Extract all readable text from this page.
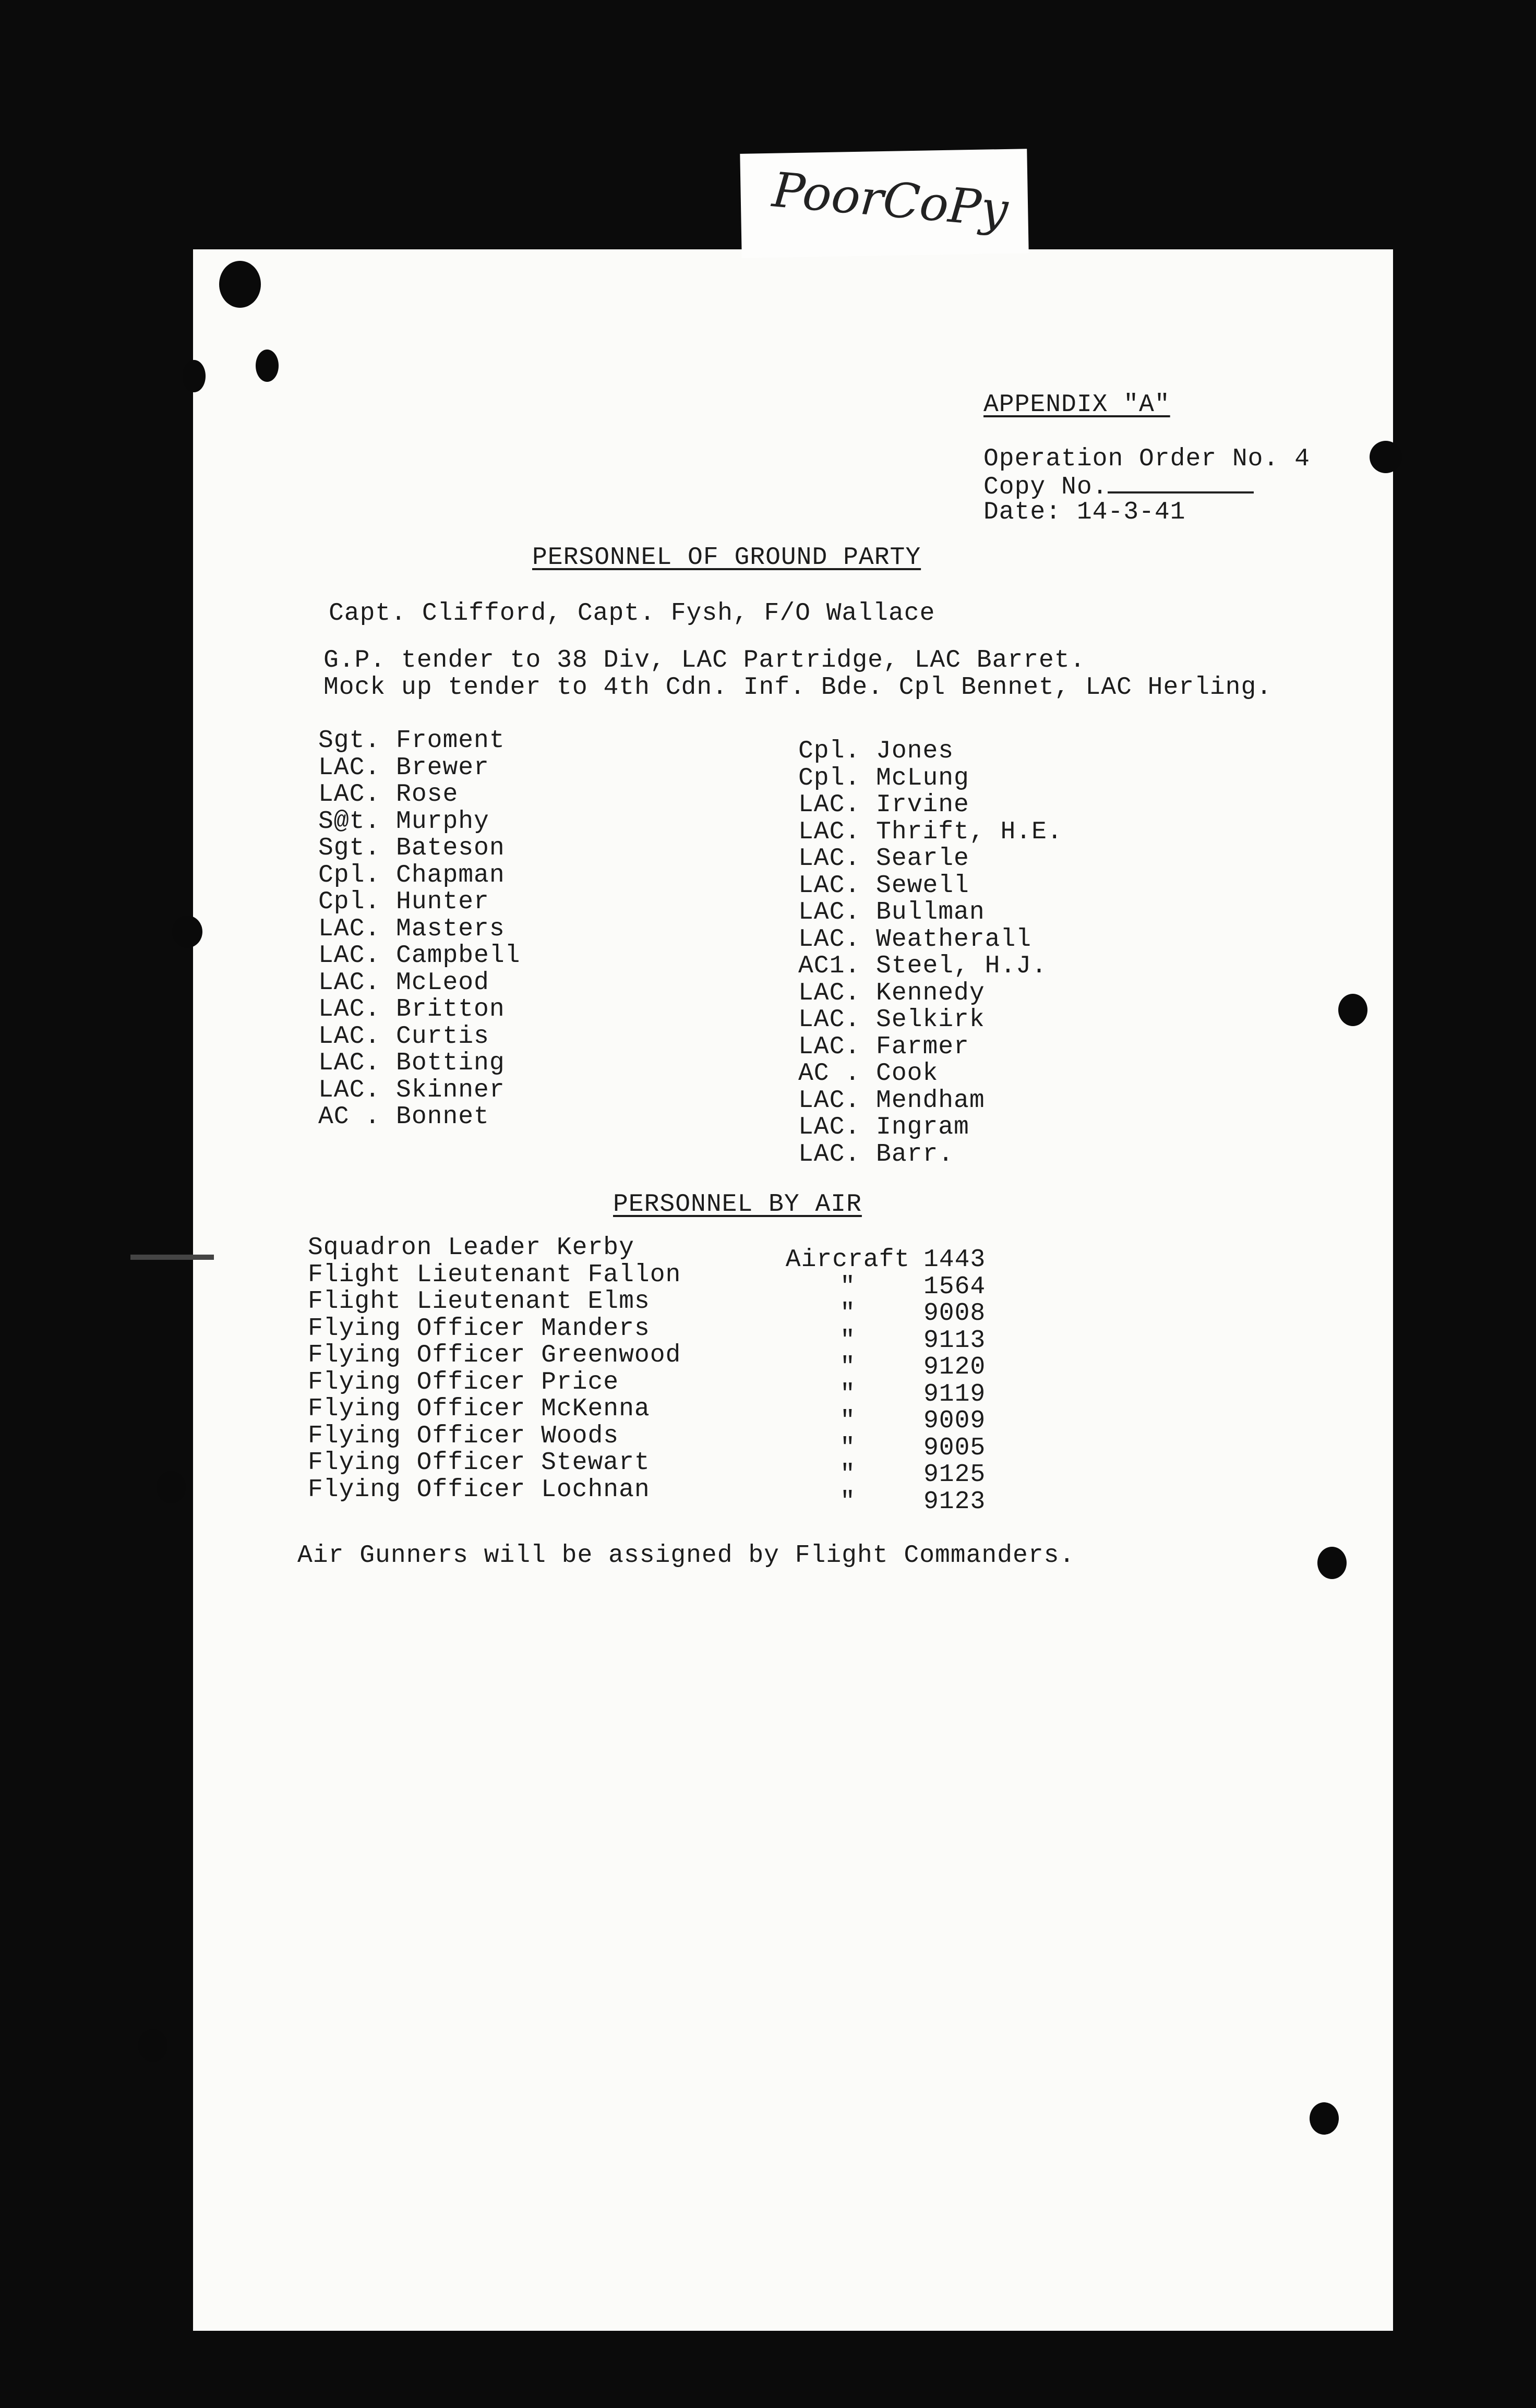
PoorCoPy
APPENDIX "A"
Operation Order No. 4
Copy No.
Date: 14-3-41
PERSONNEL OF GROUND PARTY
Capt. Clifford, Capt. Fysh, F/O Wallace
G.P. tender to 38 Div, LAC Partridge, LAC Barret.
Mock up tender to 4th Cdn. Inf. Bde. Cpl Bennet, LAC Herling.
Sgt. Froment
LAC. Brewer
LAC. Rose
S@t. Murphy
Sgt. Bateson
Cpl. Chapman
Cpl. Hunter
LAC. Masters
LAC. Campbell
LAC. McLeod
LAC. Britton
LAC. Curtis
LAC. Botting
LAC. Skinner
AC . Bonnet
Cpl. Jones
Cpl. McLung
LAC. Irvine
LAC. Thrift, H.E.
LAC. Searle
LAC. Sewell
LAC. Bullman
LAC. Weatherall
AC1. Steel, H.J.
LAC. Kennedy
LAC. Selkirk
LAC. Farmer
AC . Cook
LAC. Mendham
LAC. Ingram
LAC. Barr.
PERSONNEL BY AIR
Squadron Leader Kerby
Flight Lieutenant Fallon
Flight Lieutenant Elms
Flying Officer Manders
Flying Officer Greenwood
Flying Officer Price
Flying Officer McKenna
Flying Officer Woods
Flying Officer Stewart
Flying Officer Lochnan
Aircraft
"
"
"
"
"
"
"
"
"
1443
1564
9008
9113
9120
9119
9009
9005
9125
9123
Air Gunners will be assigned by Flight Commanders.
